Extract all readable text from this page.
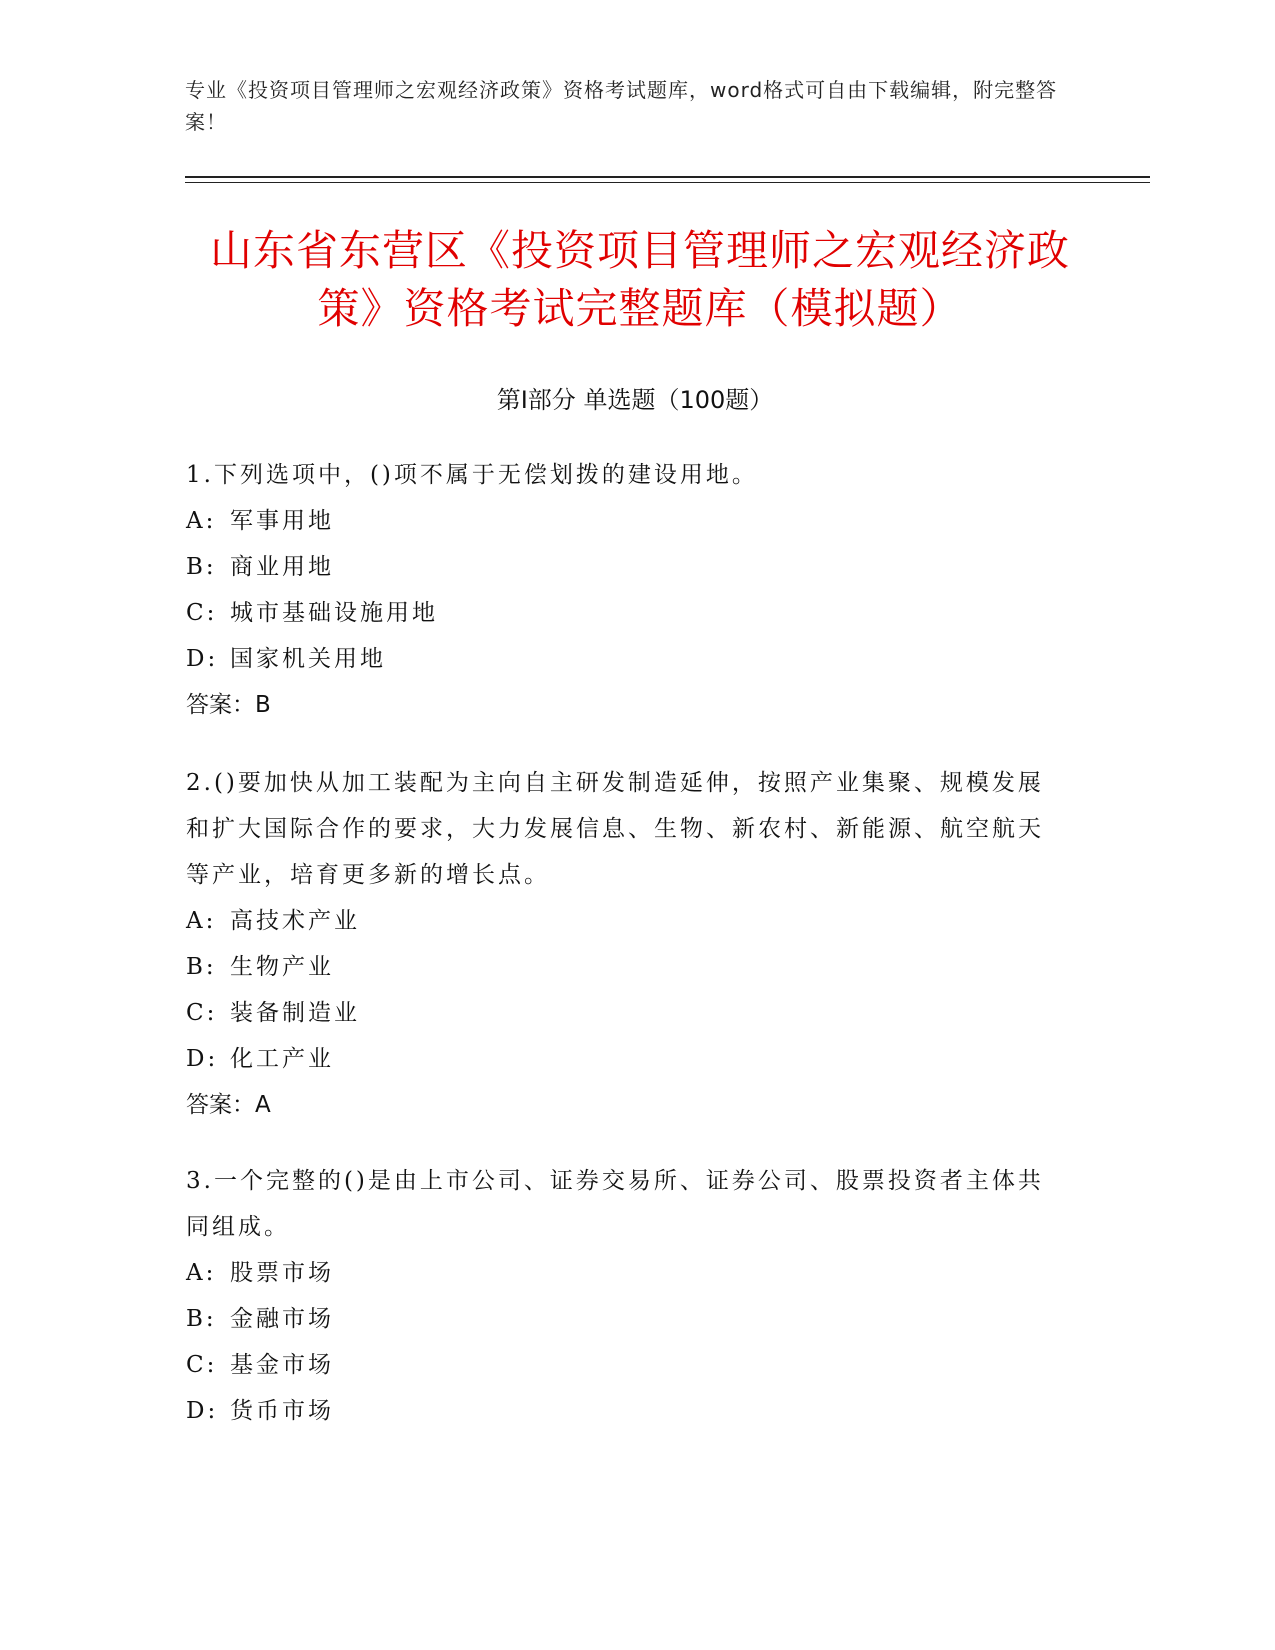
专业《投资项目管理师之宏观经济政策》资格考试题库，word格式可自由下载编辑，附完整答案！
山东省东营区《投资项目管理师之宏观经济政策》资格考试完整题库（模拟题）
第Ⅰ部分 单选题（100题）

1.下列选项中，()项不属于无偿划拨的建设用地。

A: 军事用地

B: 商业用地

C: 城市基础设施用地

D: 国家机关用地

答案：B

2.()要加快从加工装配为主向自主研发制造延伸，按照产业集聚、规模发展和扩大国际合作的要求，大力发展信息、生物、新农村、新能源、航空航天等产业，培育更多新的增长点。

A: 高技术产业

B: 生物产业

C: 装备制造业

D: 化工产业

答案：A

3.一个完整的()是由上市公司、证券交易所、证券公司、股票投资者主体共同组成。

A: 股票市场

B: 金融市场

C: 基金市场

D: 货币市场
